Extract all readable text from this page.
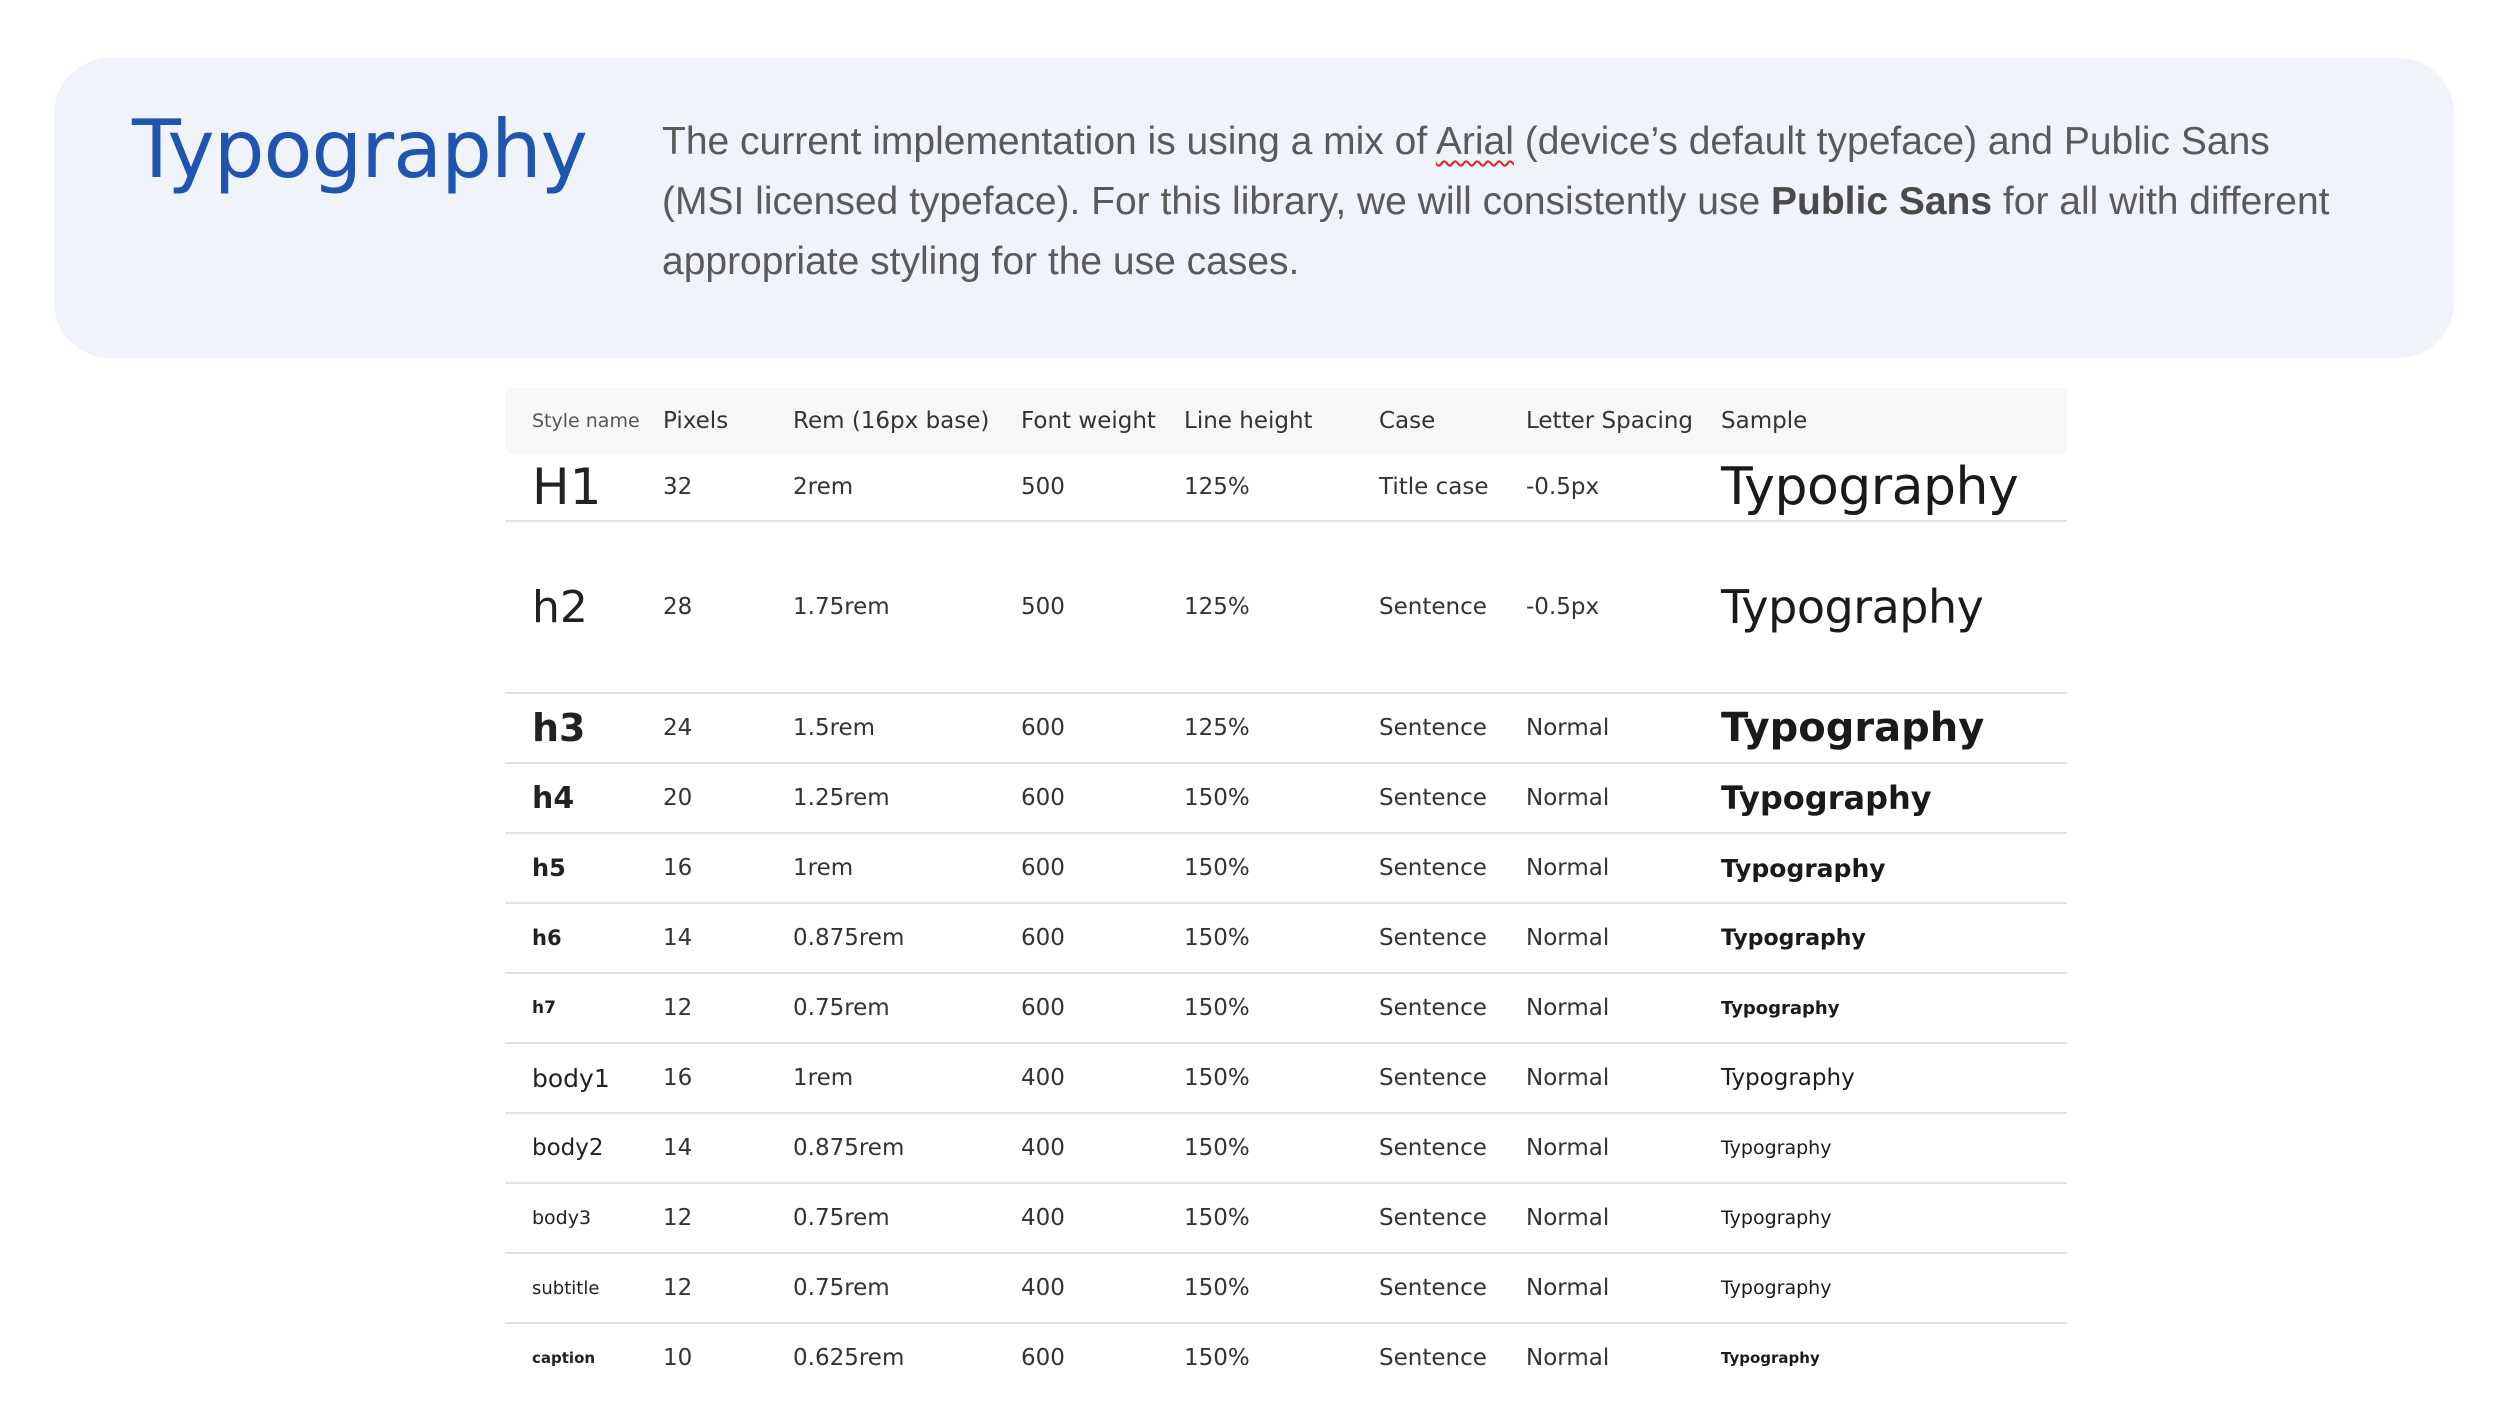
Typography The current implementation is using a mix of Arial (device’s default typeface) and Public Sans (MSI licensed typeface). For this library, we will consistently use Public Sans for all with different appropriate styling for the use cases.

Style name	Pixels	Rem (16px base)	Font weight	Line height	Case	Letter Spacing	Sample
H1	32	2rem	500	125%	Title case	-0.5px	Typography
h2	28	1.75rem	500	125%	Sentence	-0.5px	Typography
h3	24	1.5rem	600	125%	Sentence	Normal	Typography
h4	20	1.25rem	600	150%	Sentence	Normal	Typography
h5	16	1rem	600	150%	Sentence	Normal	Typography
h6	14	0.875rem	600	150%	Sentence	Normal	Typography
h7	12	0.75rem	600	150%	Sentence	Normal	Typography
body1	16	1rem	400	150%	Sentence	Normal	Typography
body2	14	0.875rem	400	150%	Sentence	Normal	Typography
body3	12	0.75rem	400	150%	Sentence	Normal	Typography
subtitle	12	0.75rem	400	150%	Sentence	Normal	Typography
caption	10	0.625rem	600	150%	Sentence	Normal	Typography
